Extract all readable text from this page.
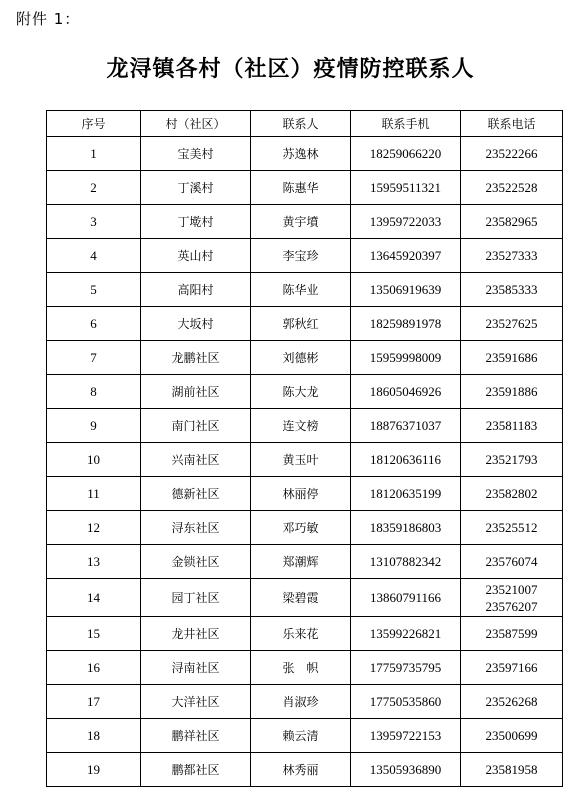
附件 1：
龙浔镇各村（社区）疫情防控联系人
序号	村（社区）	联系人	联系手机	联系电话
1	宝美村	苏逸林	18259066220	23522266

2	丁溪村	陈惠华	15959511321	23522528

3	丁墘村	黄宇墳	13959722033	23582965

4	英山村	李宝珍	13645920397	23527333

5	高阳村	陈华业	13506919639	23585333

6	大坂村	郭秋红	18259891978	23527625

7	龙鹏社区	刘德彬	15959998009	23591686

8	湖前社区	陈大龙	18605046926	23591886

9	南门社区	连文榜	18876371037	23581183

10	兴南社区	黄玉叶	18120636116	23521793

11	德新社区	林丽停	18120635199	23582802

12	浔东社区	邓巧敏	18359186803	23525512

13	金锁社区	郑潮辉	13107882342	23576074

14	园丁社区	梁碧霞	13860791166	23521007
23576207

15	龙井社区	乐来花	13599226821	23587599

16	浔南社区	张　帜	17759735795	23597166

17	大洋社区	肖淑珍	17750535860	23526268

18	鹏祥社区	赖云清	13959722153	23500699

19	鹏都社区	林秀丽	13505936890	23581958
